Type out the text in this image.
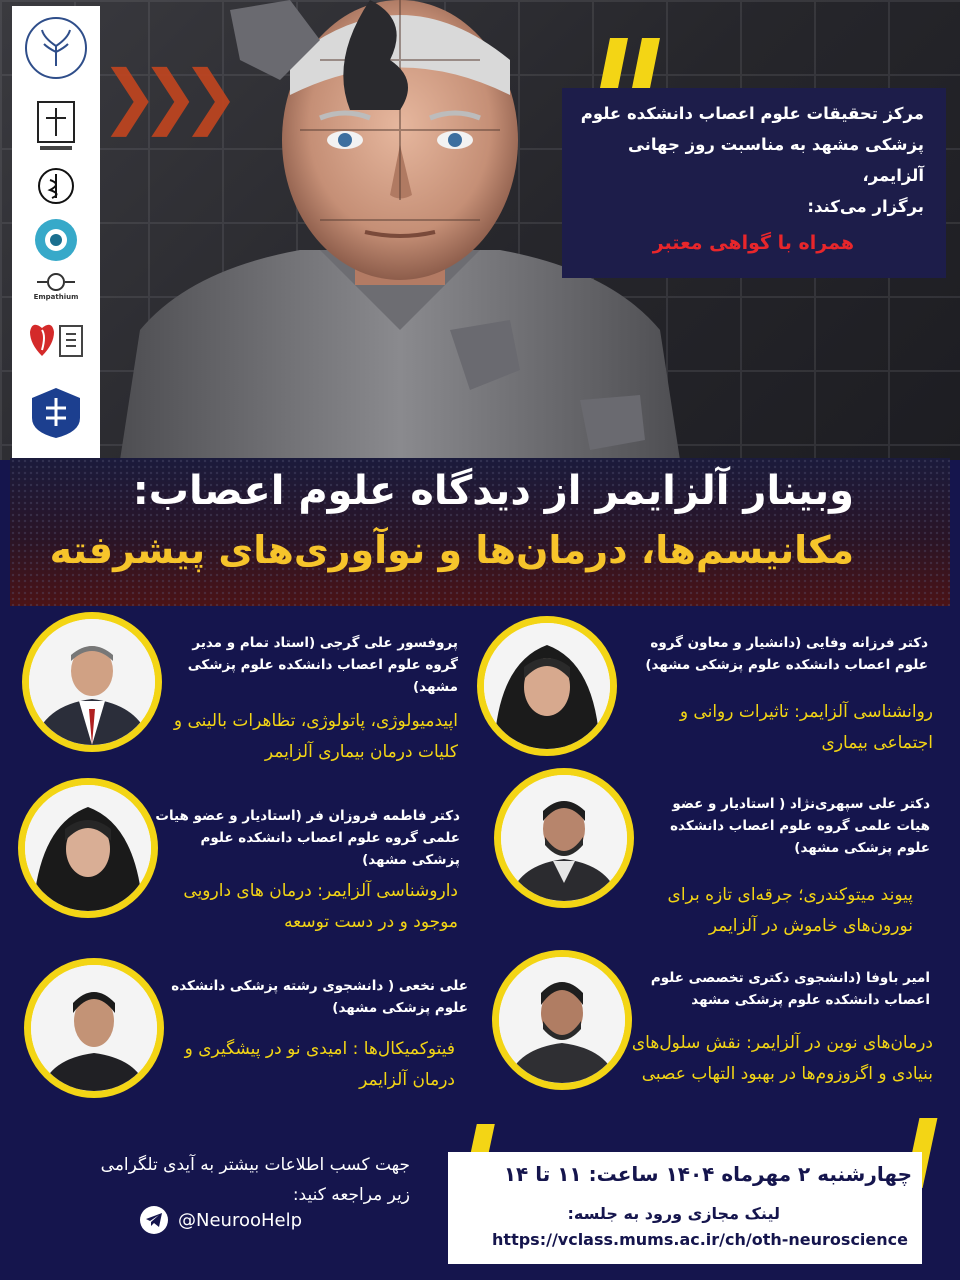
❯❯❯
Empathium
مرکز تحقیقات علوم اعصاب دانشکده علوم
پزشکی مشهد به مناسبت روز جهانی آلزایمر،
برگزار می‌کند:
همراه با گواهی معتبر
وبینار آلزایمر از دیدگاه علوم اعصاب:
مکانیسم‌ها، درمان‌ها و نوآوری‌های پیشرفته
دکتر فرزانه وفایی (دانشیار و معاون گروه علوم اعصاب دانشکده علوم پزشکی مشهد)
روانشناسی آلزایمر: تاثیرات روانی و اجتماعی بیماری
دکتر علی سپهری‌نژاد ( استادیار و عضو هیات علمی گروه علوم اعصاب دانشکده علوم پزشکی مشهد)
پیوند میتوکندری؛ جرقه‌ای تازه برای نورون‌های خاموش در آلزایمر
امیر باوفا (دانشجوی دکتری تخصصی علوم اعصاب دانشکده علوم پزشکی مشهد
درمان‌های نوین در آلزایمر: نقش سلول‌های بنیادی و اگزوزوم‌ها در بهبود التهاب عصبی
پروفسور علی گرجی (استاد تمام و مدیر گروه علوم اعصاب دانشکده علوم پزشکی مشهد)
اپیدمیولوژی، پاتولوژی، تظاهرات بالینی و کلیات درمان بیماری آلزایمر
دکتر فاطمه فروزان فر (استادیار و عضو هیات علمی گروه علوم اعصاب دانشکده علوم پزشکی مشهد)
داروشناسی آلزایمر: درمان های دارویی موجود و در دست توسعه
علی نخعی ( دانشجوی رشته پزشکی دانشکده علوم پزشکی مشهد)
فیتوکمیکال‌ها : امیدی نو در پیشگیری و درمان آلزایمر
جهت کسب اطلاعات بیشتر به آیدی تلگرامی زیر مراجعه کنید:
@NeurooHelp
چهارشنبه ۲ مهرماه ۱۴۰۴ ساعت: ۱۱ تا ۱۴
لینک مجازی ورود به جلسه:
https://vclass.mums.ac.ir/ch/oth-neuroscience
